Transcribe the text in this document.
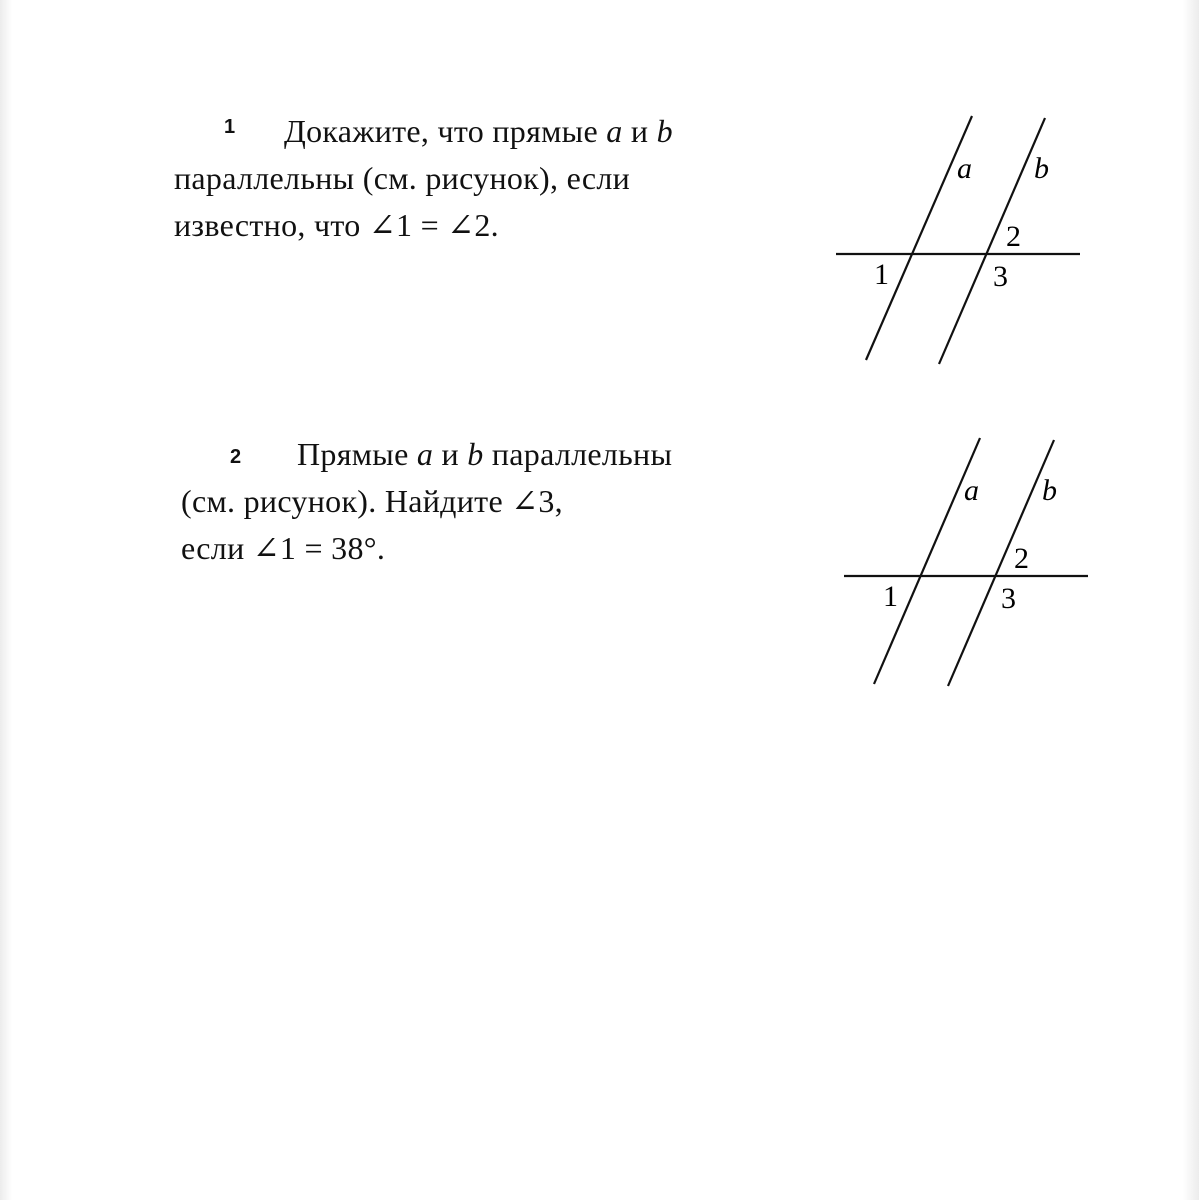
1	Докажите, что прямые a и b
параллельны (см. рисунок), если
известно, что ∠1 = ∠2.
a b
2
1	3
2	Прямые a и b параллельны
(см. рисунок). Найдите ∠3,
если ∠1 = 38°.
a b
2
1	3
